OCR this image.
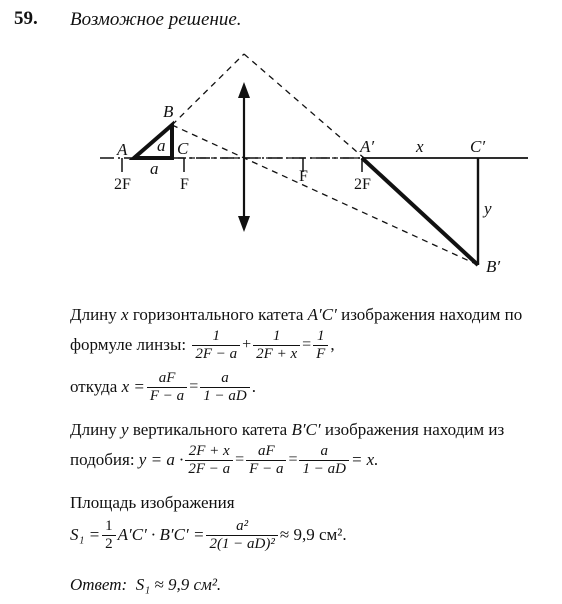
59. Возможное решение.
A
B
C
a
a
2F	F	F	2F
A′ x	C′
y
B′
Длину x горизонтального катета A′C′ изображения находим по
формуле линзы:
$\frac{1}{2F - a} + \frac{1}{2F + x} = \frac{1}{F}$ ,
откуда
$x = \frac{aF}{F - a} = \frac{a}{1 - aD}$ .
Длину y вертикального катета B′C′ изображения находим из
подобия:
$y = a \cdot \frac{2F + x}{2F - a} = \frac{aF}{F - a} = \frac{a}{1 - aD} = x$.
Площадь изображения
$S_1 = \frac{1}{2} A'C' \cdot B'C' = \frac{\text{a²}}{\text{2(1 − aD)²}} \approx 9,9$ см².
Ответ: S₁ ≈ 9,9 см².
